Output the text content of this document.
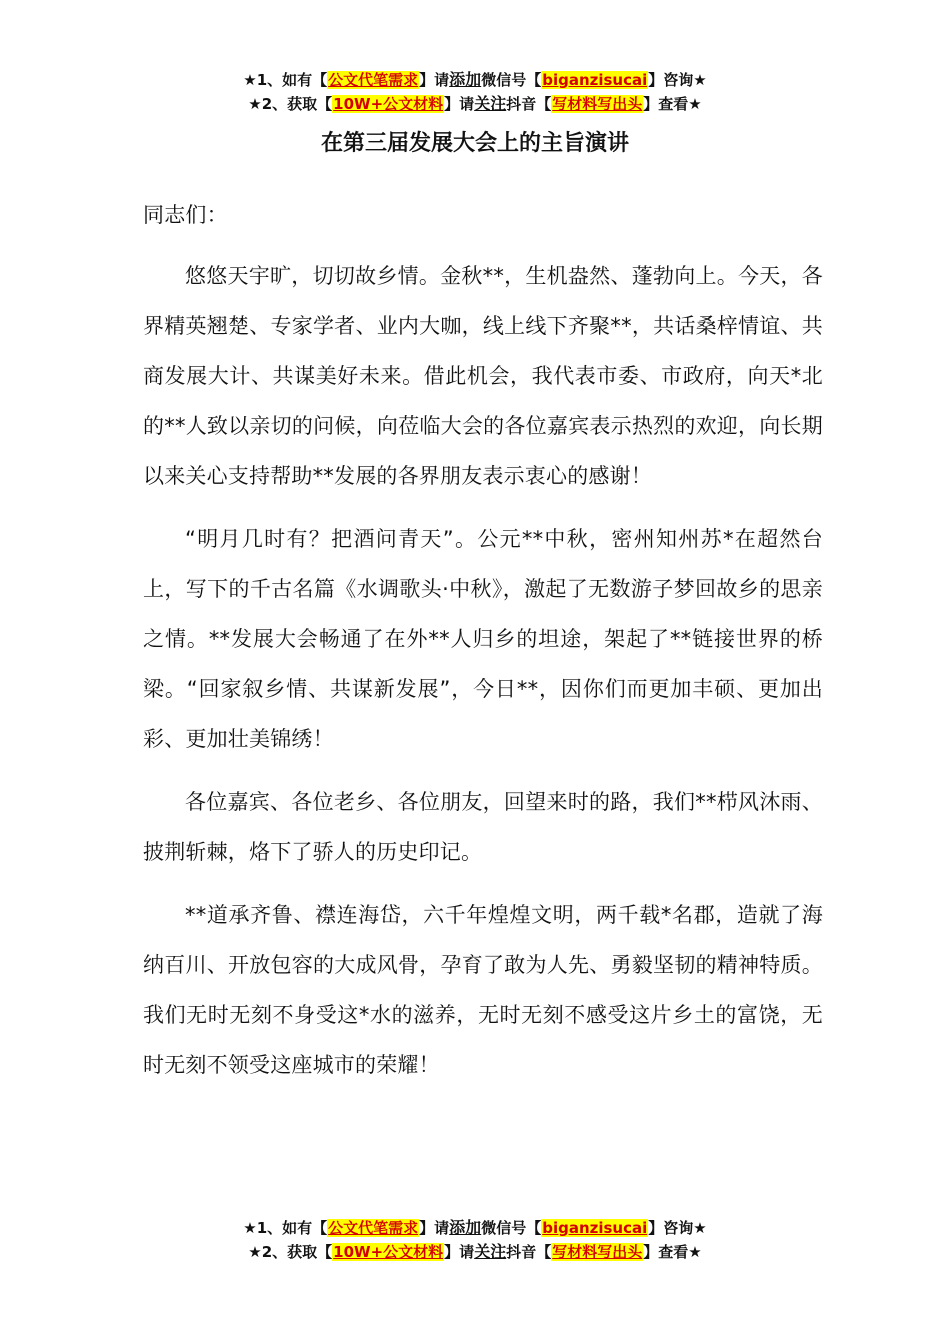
★1、如有【公文代笔需求】请添加微信号【biganzisucai】咨询★
★2、获取【10W+公文材料】请关注抖音【写材料写出头】查看★
在第三届发展大会上的主旨演讲

同志们：

悠悠天宇旷，切切故乡情。金秋**，生机盎然、蓬勃向上。今天，各界精英翘楚、专家学者、业内大咖，线上线下齐聚**，共话桑梓情谊、共商发展大计、共谋美好未来。借此机会，我代表市委、市政府，向天*北的**人致以亲切的问候，向莅临大会的各位嘉宾表示热烈的欢迎，向长期以来关心支持帮助**发展的各界朋友表示衷心的感谢！

“明月几时有？把酒问青天”。公元**中秋，密州知州苏*在超然台上，写下的千古名篇《水调歌头·中秋》，激起了无数游子梦回故乡的思亲之情。**发展大会畅通了在外**人归乡的坦途，架起了**链接世界的桥梁。“回家叙乡情、共谋新发展”，今日**，因你们而更加丰硕、更加出彩、更加壮美锦绣！

各位嘉宾、各位老乡、各位朋友，回望来时的路，我们**栉风沐雨、披荆斩棘，烙下了骄人的历史印记。

**道承齐鲁、襟连海岱，六千年煌煌文明，两千载*名郡，造就了海纳百川、开放包容的大成风骨，孕育了敢为人先、勇毅坚韧的精神特质。我们无时无刻不身受这*水的滋养，无时无刻不感受这片乡土的富饶，无时无刻不领受这座城市的荣耀！

★1、如有【公文代笔需求】请添加微信号【biganzisucai】咨询★
★2、获取【10W+公文材料】请关注抖音【写材料写出头】查看★
